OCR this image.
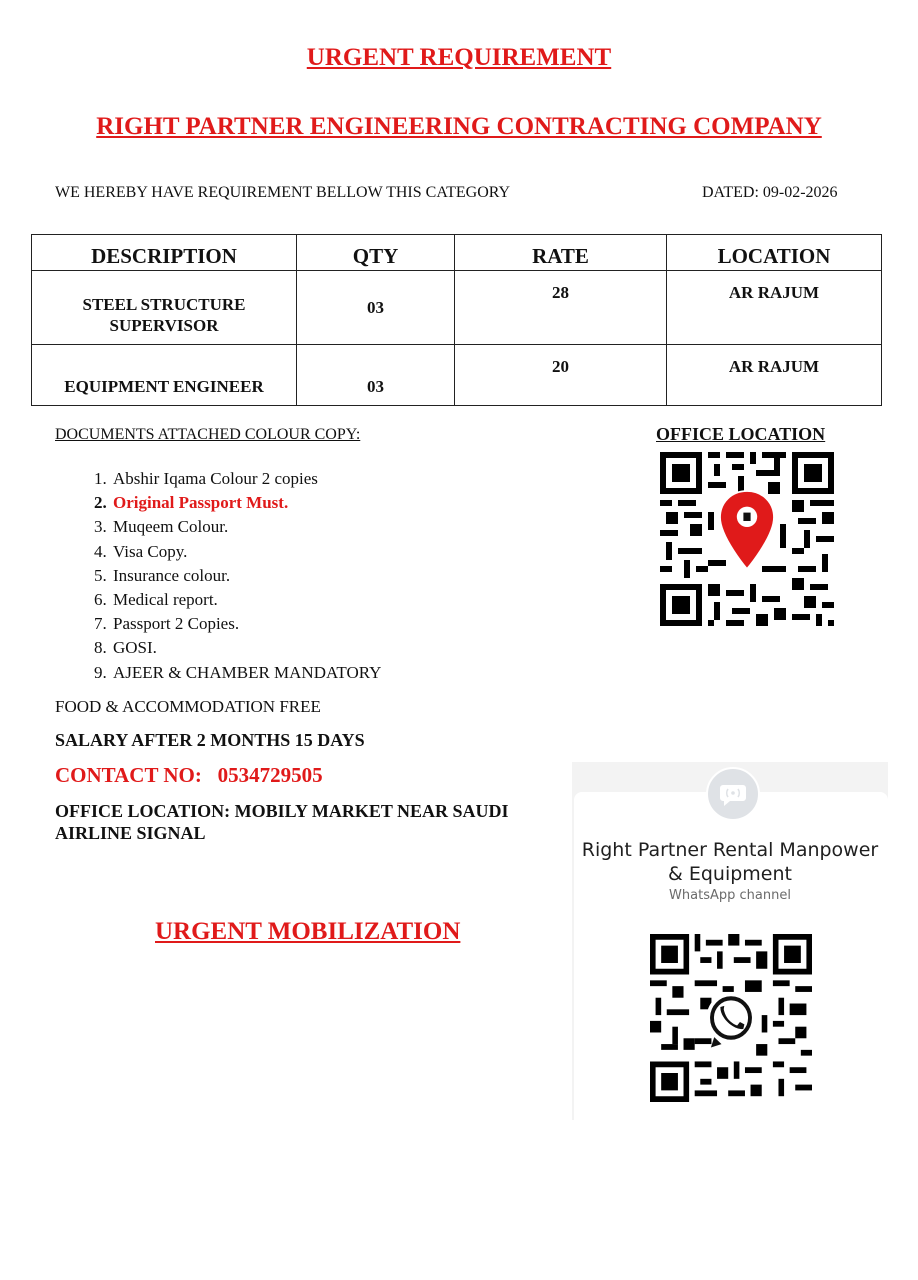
URGENT REQUIREMENT
RIGHT PARTNER ENGINEERING CONTRACTING COMPANY
WE HEREBY HAVE REQUIREMENT BELLOW THIS CATEGORY	DATED: 09-02-2026
DESCRIPTION	QTY	RATE	LOCATION
STEEL STRUCTURE SUPERVISOR	03	28	AR RAJUM
EQUIPMENT ENGINEER	03	20	AR RAJUM
DOCUMENTS ATTACHED COLOUR COPY:
1. Abshir Iqama Colour 2 copies
2. Original Passport Must.
3. Muqeem Colour.
4. Visa Copy.
5. Insurance colour.
6. Medical report.
7. Passport 2 Copies.
8. GOSI.
9. AJEER & CHAMBER MANDATORY
OFFICE LOCATION
FOOD & ACCOMMODATION FREE
SALARY AFTER 2 MONTHS 15 DAYS
CONTACT NO:   0534729505
OFFICE LOCATION: MOBILY MARKET NEAR SAUDI AIRLINE SIGNAL
URGENT MOBILIZATION
Right Partner Rental Manpower & Equipment
WhatsApp channel
